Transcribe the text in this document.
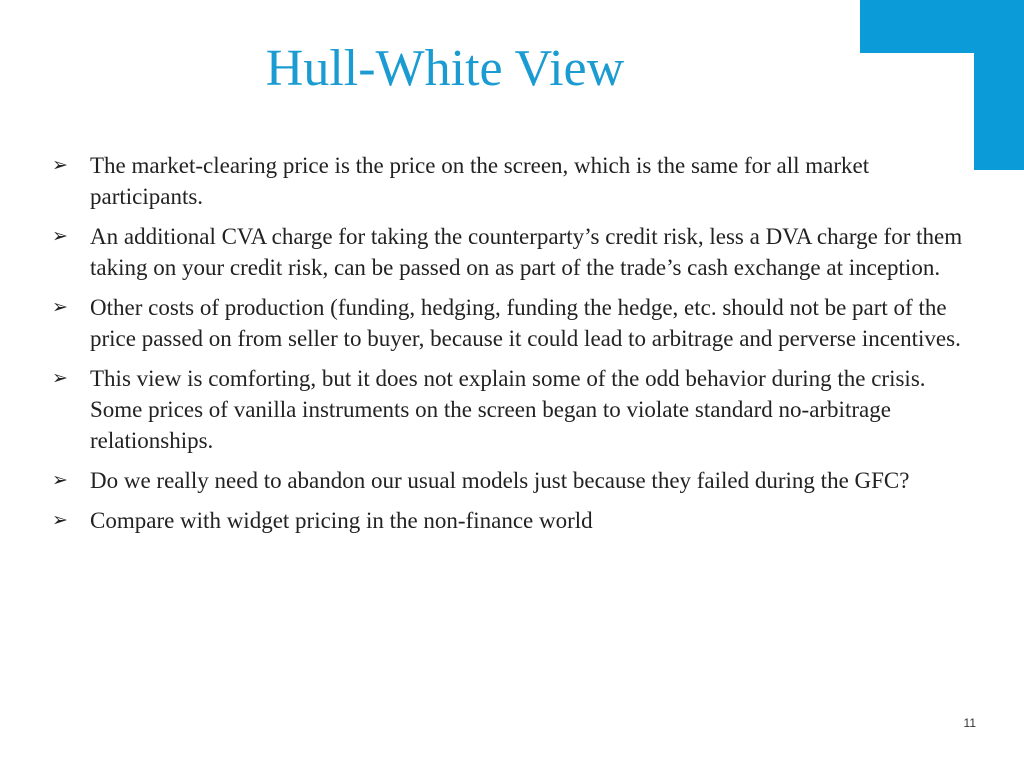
Hull-White View
➢ The market-clearing price is the price on the screen, which is the same for all market participants.
➢ An additional CVA charge for taking the counterparty’s credit risk, less a DVA charge for them taking on your credit risk, can be passed on as part of the trade’s cash exchange at inception.
➢ Other costs of production (funding, hedging, funding the hedge, etc. should not be part of the price passed on from seller to buyer, because it could lead to arbitrage and perverse incentives.
➢ This view is comforting, but it does not explain some of the odd behavior during the crisis. Some prices of vanilla instruments on the screen began to violate standard no-arbitrage relationships.
➢ Do we really need to abandon our usual models just because they failed during the GFC?
➢ Compare with widget pricing in the non-finance world
11
